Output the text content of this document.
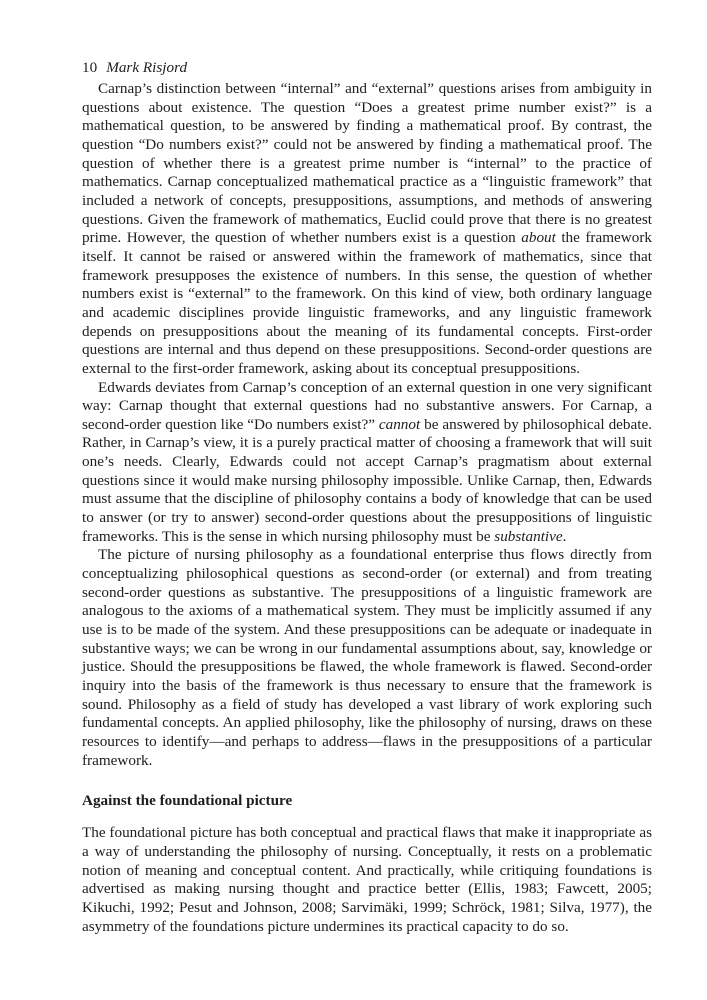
10 Mark Risjord

Carnap’s distinction between “internal” and “external” questions arises from ambiguity in questions about existence. The question “Does a greatest prime number exist?” is a mathematical question, to be answered by finding a mathematical proof. By contrast, the question “Do numbers exist?” could not be answered by finding a mathematical proof. The question of whether there is a greatest prime number is “internal” to the practice of mathematics. Carnap conceptualized mathematical practice as a “linguistic framework” that included a network of concepts, presuppositions, assumptions, and methods of answering questions. Given the framework of mathematics, Euclid could prove that there is no greatest prime. However, the question of whether numbers exist is a question about the framework itself. It cannot be raised or answered within the framework of mathematics, since that framework presupposes the existence of numbers. In this sense, the question of whether numbers exist is “external” to the framework. On this kind of view, both ordinary language and academic disciplines provide linguistic frameworks, and any linguistic framework depends on presuppositions about the meaning of its fundamental concepts. First-order questions are internal and thus depend on these presuppositions. Second-order questions are external to the first-order framework, asking about its conceptual presuppositions.

Edwards deviates from Carnap’s conception of an external question in one very significant way: Carnap thought that external questions had no substantive answers. For Carnap, a second-order question like “Do numbers exist?” cannot be answered by philosophical debate. Rather, in Carnap’s view, it is a purely practical matter of choosing a framework that will suit one’s needs. Clearly, Edwards could not accept Carnap’s pragmatism about external questions since it would make nursing philosophy impossible. Unlike Carnap, then, Edwards must assume that the discipline of philosophy contains a body of knowledge that can be used to answer (or try to answer) second-order questions about the presuppositions of linguistic frameworks. This is the sense in which nursing philosophy must be substantive.

The picture of nursing philosophy as a foundational enterprise thus flows directly from conceptualizing philosophical questions as second-order (or external) and from treating second-order questions as substantive. The presuppositions of a linguistic framework are analogous to the axioms of a mathematical system. They must be implicitly assumed if any use is to be made of the system. And these presuppositions can be adequate or inadequate in substantive ways; we can be wrong in our fundamental assumptions about, say, knowledge or justice. Should the presuppositions be flawed, the whole framework is flawed. Second-order inquiry into the basis of the framework is thus necessary to ensure that the framework is sound. Philosophy as a field of study has developed a vast library of work exploring such fundamental concepts. An applied philosophy, like the philosophy of nursing, draws on these resources to identify—and perhaps to address—flaws in the presuppositions of a particular framework.

Against the foundational picture

The foundational picture has both conceptual and practical flaws that make it inappropriate as a way of understanding the philosophy of nursing. Conceptually, it rests on a problematic notion of meaning and conceptual content. And practically, while critiquing foundations is advertised as making nursing thought and practice better (Ellis, 1983; Fawcett, 2005; Kikuchi, 1992; Pesut and Johnson, 2008; Sarvimäki, 1999; Schröck, 1981; Silva, 1977), the asymmetry of the foundations picture undermines its practical capacity to do so.
